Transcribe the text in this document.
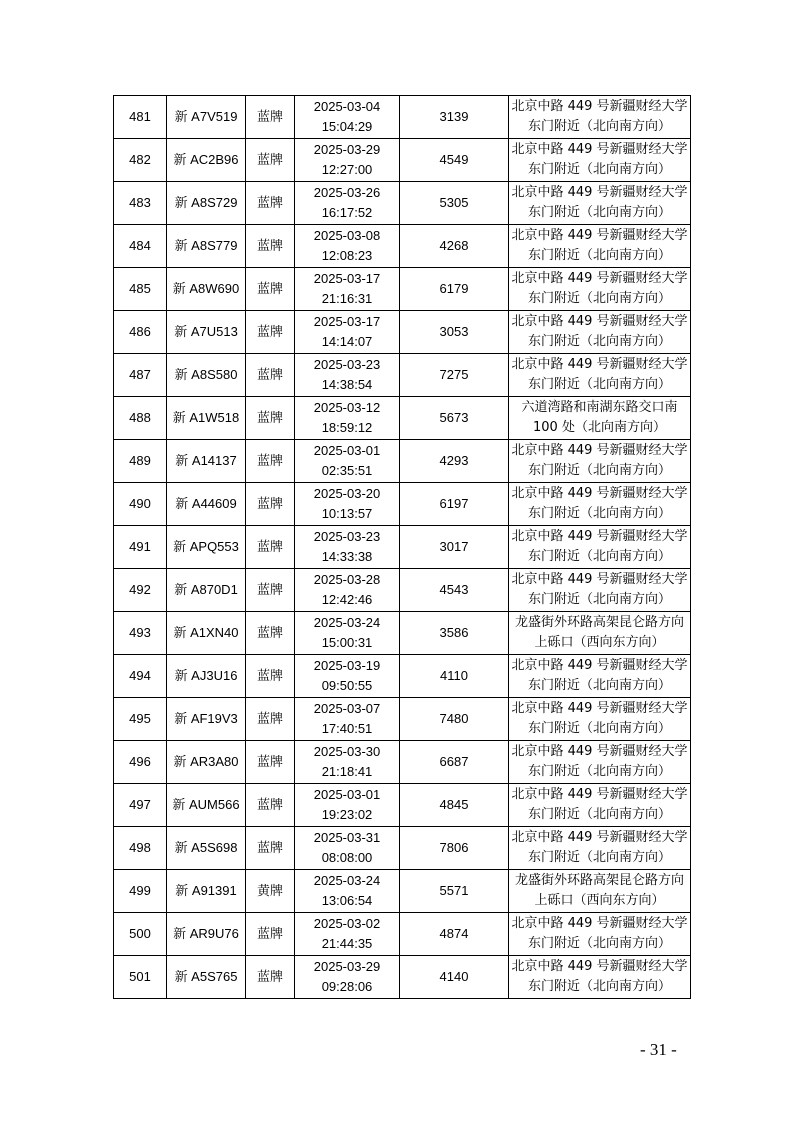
481	新 A7V519	蓝牌	2025-03-04
15:04:29	3139	北京中路 449 号新疆财经大学
东门附近（北向南方向）
482	新 AC2B96	蓝牌	2025-03-29
12:27:00	4549	北京中路 449 号新疆财经大学
东门附近（北向南方向）
483	新 A8S729	蓝牌	2025-03-26
16:17:52	5305	北京中路 449 号新疆财经大学
东门附近（北向南方向）
484	新 A8S779	蓝牌	2025-03-08
12:08:23	4268	北京中路 449 号新疆财经大学
东门附近（北向南方向）
485	新 A8W690	蓝牌	2025-03-17
21:16:31	6179	北京中路 449 号新疆财经大学
东门附近（北向南方向）
486	新 A7U513	蓝牌	2025-03-17
14:14:07	3053	北京中路 449 号新疆财经大学
东门附近（北向南方向）
487	新 A8S580	蓝牌	2025-03-23
14:38:54	7275	北京中路 449 号新疆财经大学
东门附近（北向南方向）
488	新 A1W518	蓝牌	2025-03-12
18:59:12	5673	六道湾路和南湖东路交口南
100 处（北向南方向）
489	新 A14137	蓝牌	2025-03-01
02:35:51	4293	北京中路 449 号新疆财经大学
东门附近（北向南方向）
490	新 A44609	蓝牌	2025-03-20
10:13:57	6197	北京中路 449 号新疆财经大学
东门附近（北向南方向）
491	新 APQ553	蓝牌	2025-03-23
14:33:38	3017	北京中路 449 号新疆财经大学
东门附近（北向南方向）
492	新 A870D1	蓝牌	2025-03-28
12:42:46	4543	北京中路 449 号新疆财经大学
东门附近（北向南方向）
493	新 A1XN40	蓝牌	2025-03-24
15:00:31	3586	龙盛街外环路高架昆仑路方向
上砾口（西向东方向）
494	新 AJ3U16	蓝牌	2025-03-19
09:50:55	4110	北京中路 449 号新疆财经大学
东门附近（北向南方向）
495	新 AF19V3	蓝牌	2025-03-07
17:40:51	7480	北京中路 449 号新疆财经大学
东门附近（北向南方向）
496	新 AR3A80	蓝牌	2025-03-30
21:18:41	6687	北京中路 449 号新疆财经大学
东门附近（北向南方向）
497	新 AUM566	蓝牌	2025-03-01
19:23:02	4845	北京中路 449 号新疆财经大学
东门附近（北向南方向）
498	新 A5S698	蓝牌	2025-03-31
08:08:00	7806	北京中路 449 号新疆财经大学
东门附近（北向南方向）
499	新 A91391	黄牌	2025-03-24
13:06:54	5571	龙盛街外环路高架昆仑路方向
上砾口（西向东方向）
500	新 AR9U76	蓝牌	2025-03-02
21:44:35	4874	北京中路 449 号新疆财经大学
东门附近（北向南方向）
501	新 A5S765	蓝牌	2025-03-29
09:28:06	4140	北京中路 449 号新疆财经大学
东门附近（北向南方向）
- 31 -
